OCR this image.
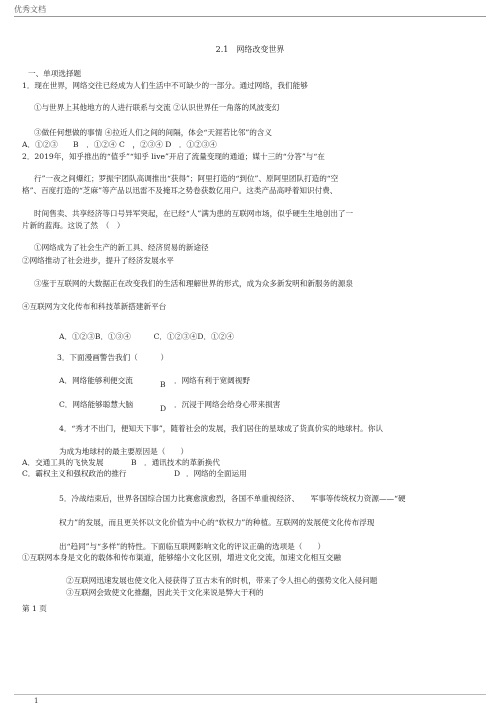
优秀文档
2.1　网络改变世界
一、单项选择题
1．现在世界，网络交往已经成为人们生活中不可缺少的一部分。通过网络，我们能够
①与世界上其他地方的人进行联系与交流 ②认识世界任一角落的风波变幻
③做任何想做的事情 ④拉近人们之间的间隔，体会“天涯若比邻”的含义
A．①②③　　B　．①②④ C　，②③④ D　．①②③④
2．2019年，知乎推出的“值乎”“知乎 live”开启了流量变现的通道；媒十三的“分答”与“在
行”一夜之间爆红；罗振宇团队高调推出“获得”；阿里打造的“到位”、原阿里团队打造的“空
格”、百度打造的“芝麻”等产品以迅雷不及掩耳之势卷获数亿用户。这类产品高呼着知识付费、
时间售卖、共享经济等口号异军突起，在已经“人”满为患的互联网市场，似乎硬生生地创出了一
片新的蓝海。这说了然　（　）
①网络成为了社会生产的新工具、经济贸易的新途径
②网络推动了社会进步，提升了经济发展水平
③鉴于互联网的大数据正在改变我们的生活和理解世界的形式，成为众多新发明和新服务的源泉
④互联网为文化传布和科技革新搭建新平台
A．①②③B．①③④　　　C．①②③④D．①②④
3．下面漫画警告我们（　　　）
A．网络能够利便交流	B ．网络有利于宽阔视野
C．网络能够聪慧大脑	D ．沉浸于网络会给身心带来损害
4．“秀才不出门，便知天下事”，随着社会的发展，我们居住的星球成了货真价实的地球村。你认
为成为地球村的最主要原因是（　　）
A．交通工具的飞快发展	B ．通讯技术的革新换代
C．霸权主义和强权政治的推行	D ．网络的全面运用
5．冷战结束后，世界各国综合国力比赛愈演愈烈，各国不单重视经济、　　军事等传统权力资源——“硬
权力”的发展，而且更关怀以文化价值为中心的“软权力”的种植。互联网的发展使文化传布浮现
出“趋同”与“多样”的特性。下面临互联网影响文化的评议正确的选项是（　　）
①互联网本身是文化的载体和传布渠道，能够缩小文化区别，增进文化交流，加速文化相互交融
②互联网迅速发展也使文化入侵获得了亘古未有的时机，带来了令人担心的强势文化入侵问题
③互联网会致使文化推翻，因此关于文化来说是弊大于利的
第 1 页
1
